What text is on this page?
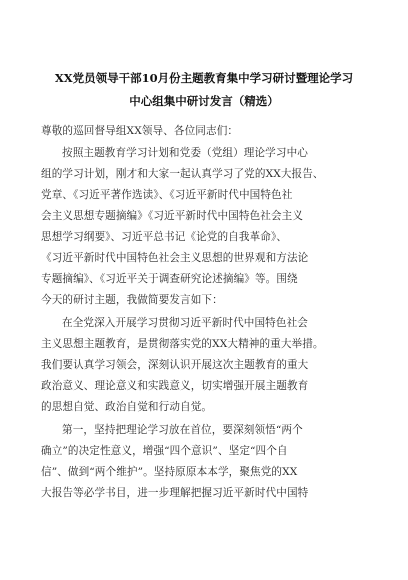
XX党员领导干部10月份主题教育集中学习研讨暨理论学习
中心组集中研讨发言（精选）
尊敬的巡回督导组XX领导、各位同志们：
按照主题教育学习计划和党委（党组）理论学习中心
组的学习计划，刚才和大家一起认真学习了党的XX大报告、
党章、《习近平著作选读》、《习近平新时代中国特色社
会主义思想专题摘编》《习近平新时代中国特色社会主义
思想学习纲要》、习近平总书记《论党的自我革命》、
《习近平新时代中国特色社会主义思想的世界观和方法论
专题摘编》、《习近平关于调查研究论述摘编》等。围绕
今天的研讨主题，我做简要发言如下：
在全党深入开展学习贯彻习近平新时代中国特色社会
主义思想主题教育，是贯彻落实党的XX大精神的重大举措。
我们要认真学习领会，深刻认识开展这次主题教育的重大
政治意义、理论意义和实践意义，切实增强开展主题教育
的思想自觉、政治自觉和行动自觉。
第一，坚持把理论学习放在首位，要深刻领悟“两个
确立”的决定性意义，增强“四个意识”、坚定“四个自
信”、做到“两个维护”。坚持原原本本学，聚焦党的XX
大报告等必学书目，进一步理解把握习近平新时代中国特
